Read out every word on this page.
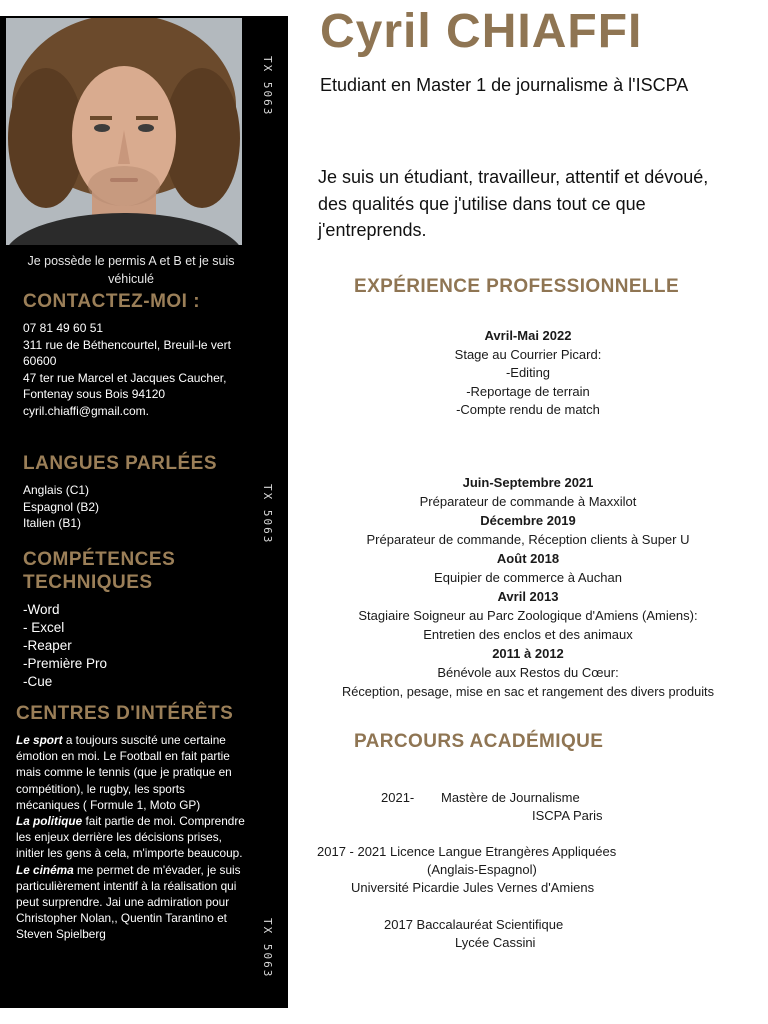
TX 5063
TX 5063
TX 5063
Je possède le permis A et B et je suis véhiculé
CONTACTEZ-MOI :
07 81 49 60 51
311 rue de Béthencourtel, Breuil-le vert 60600
47 ter rue Marcel et Jacques Caucher, Fontenay sous Bois 94120
cyril.chiaffi@gmail.com.
LANGUES PARLÉES
Anglais (C1)
Espagnol (B2)
Italien (B1)
COMPÉTENCES
TECHNIQUES
-Word
- Excel
-Reaper
-Première Pro
-Cue
CENTRES D'INTÉRÊTS
Le sport a toujours suscité une certaine émotion en moi. Le Football en fait partie mais comme le tennis (que je pratique en compétition), le rugby, les sports mécaniques ( Formule 1, Moto GP)
La politique fait partie de moi. Comprendre les enjeux derrière les décisions prises, initier les gens à cela, m'importe beaucoup.
Le cinéma me permet de m'évader, je suis particulièrement intentif à la réalisation qui peut surprendre. Jai une admiration pour Christopher Nolan,, Quentin Tarantino et Steven Spielberg
Cyril CHIAFFI
Etudiant en Master 1 de journalisme à l'ISCPA
Je suis un étudiant, travailleur, attentif et dévoué, des qualités que j'utilise dans tout ce que j'entreprends.
EXPÉRIENCE PROFESSIONNELLE
Avril-Mai 2022
Stage au Courrier Picard:
-Editing
-Reportage de terrain
-Compte rendu de match
Juin-Septembre 2021
Préparateur de commande à Maxxilot
Décembre 2019
Préparateur de commande, Réception clients à Super U
Août 2018
Equipier de commerce à Auchan
Avril 2013
Stagiaire Soigneur au Parc Zoologique d'Amiens (Amiens):
Entretien des enclos et des animaux
2011 à 2012
Bénévole aux Restos du Cœur:
Réception, pesage, mise en sac et rangement des divers produits
PARCOURS ACADÉMIQUE
2021- Mastère de Journalisme
ISCPA Paris
2017 - 2021 Licence Langue Etrangères Appliquées
(Anglais-Espagnol)
Université Picardie Jules Vernes d'Amiens
2017 Baccalauréat Scientifique
Lycée Cassini
